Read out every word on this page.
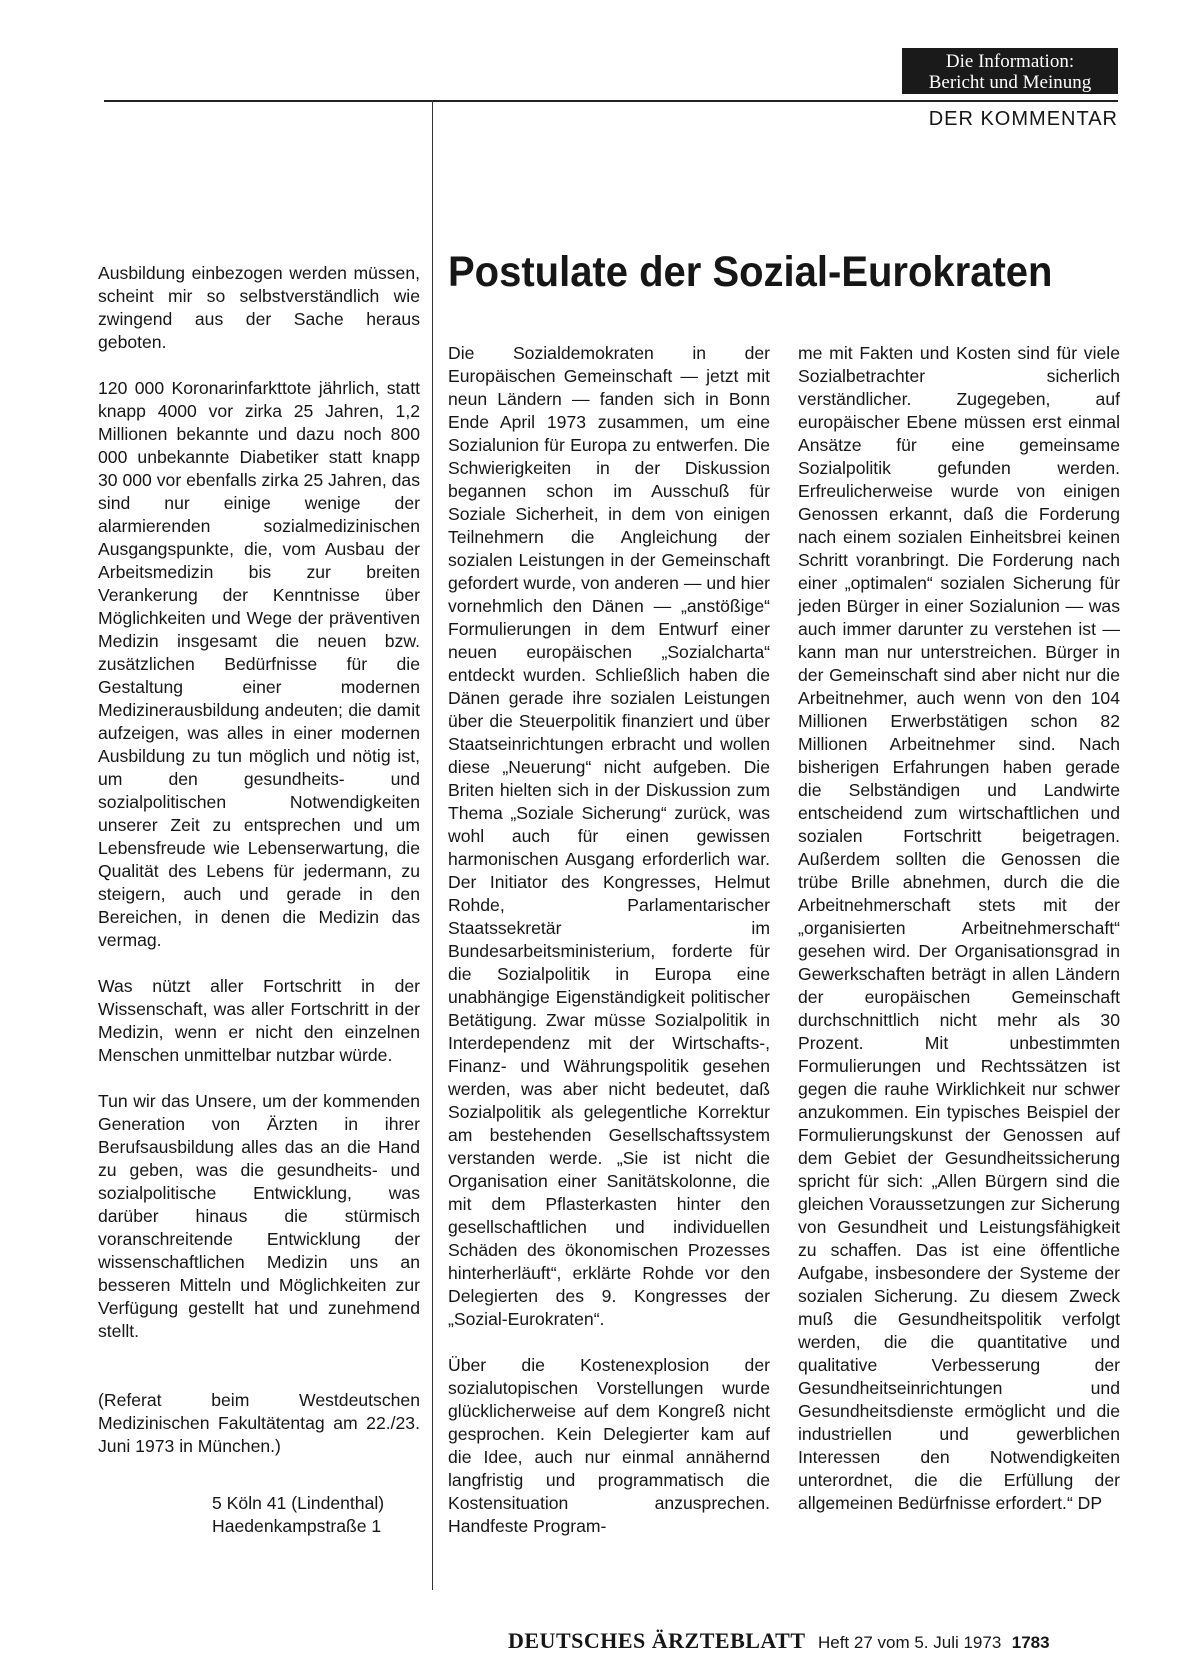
Die Information:
Bericht und Meinung
DER KOMMENTAR
Postulate der Sozial-Eurokraten

Ausbildung einbezogen werden müssen, scheint mir so selbstverständlich wie zwingend aus der Sache heraus geboten.

120 000 Koronarinfarkttote jährlich, statt knapp 4000 vor zirka 25 Jahren, 1,2 Millionen bekannte und dazu noch 800 000 unbekannte Diabetiker statt knapp 30 000 vor ebenfalls zirka 25 Jahren, das sind nur einige wenige der alarmierenden sozialmedizinischen Ausgangspunkte, die, vom Ausbau der Arbeitsmedizin bis zur breiten Verankerung der Kenntnisse über Möglichkeiten und Wege der präventiven Medizin insgesamt die neuen bzw. zusätzlichen Bedürfnisse für die Gestaltung einer modernen Medizinerausbildung andeuten; die damit aufzeigen, was alles in einer modernen Ausbildung zu tun möglich und nötig ist, um den gesundheits- und sozialpolitischen Notwendigkeiten unserer Zeit zu entsprechen und um Lebensfreude wie Lebenserwartung, die Qualität des Lebens für jedermann, zu steigern, auch und gerade in den Bereichen, in denen die Medizin das vermag.

Was nützt aller Fortschritt in der Wissenschaft, was aller Fortschritt in der Medizin, wenn er nicht den einzelnen Menschen unmittelbar nutzbar würde.

Tun wir das Unsere, um der kommenden Generation von Ärzten in ihrer Berufsausbildung alles das an die Hand zu geben, was die gesundheits- und sozialpolitische Entwicklung, was darüber hinaus die stürmisch voranschreitende Entwicklung der wissenschaftlichen Medizin uns an besseren Mitteln und Möglichkeiten zur Verfügung gestellt hat und zunehmend stellt.

(Referat beim Westdeutschen Medizinischen Fakultätentag am 22./23. Juni 1973 in München.)

5 Köln 41 (Lindenthal)
Haedenkampstraße 1

Die Sozialdemokraten in der Europäischen Gemeinschaft — jetzt mit neun Ländern — fanden sich in Bonn Ende April 1973 zusammen, um eine Sozialunion für Europa zu entwerfen. Die Schwierigkeiten in der Diskussion begannen schon im Ausschuß für Soziale Sicherheit, in dem von einigen Teilnehmern die Angleichung der sozialen Leistungen in der Gemeinschaft gefordert wurde, von anderen — und hier vornehmlich den Dänen — „anstößige“ Formulierungen in dem Entwurf einer neuen europäischen „Sozialcharta“ entdeckt wurden. Schließlich haben die Dänen gerade ihre sozialen Leistungen über die Steuerpolitik finanziert und über Staatseinrichtungen erbracht und wollen diese „Neuerung“ nicht aufgeben. Die Briten hielten sich in der Diskussion zum Thema „Soziale Sicherung“ zurück, was wohl auch für einen gewissen harmonischen Ausgang erforderlich war. Der Initiator des Kongresses, Helmut Rohde, Parlamentarischer Staatssekretär im Bundesarbeitsministerium, forderte für die Sozialpolitik in Europa eine unabhängige Eigenständigkeit politischer Betätigung. Zwar müsse Sozialpolitik in Interdependenz mit der Wirtschafts-, Finanz- und Währungspolitik gesehen werden, was aber nicht bedeutet, daß Sozialpolitik als gelegentliche Korrektur am bestehenden Gesellschaftssystem verstanden werde. „Sie ist nicht die Organisation einer Sanitätskolonne, die mit dem Pflasterkasten hinter den gesellschaftlichen und individuellen Schäden des ökonomischen Prozesses hinterherläuft“, erklärte Rohde vor den Delegierten des 9. Kongresses der „Sozial-Eurokraten“.

Über die Kostenexplosion der sozialutopischen Vorstellungen wurde glücklicherweise auf dem Kongreß nicht gesprochen. Kein Delegierter kam auf die Idee, auch nur einmal annähernd langfristig und programmatisch die Kostensituation anzusprechen. Handfeste Program-

me mit Fakten und Kosten sind für viele Sozialbetrachter sicherlich verständlicher. Zugegeben, auf europäischer Ebene müssen erst einmal Ansätze für eine gemeinsame Sozialpolitik gefunden werden. Erfreulicherweise wurde von einigen Genossen erkannt, daß die Forderung nach einem sozialen Einheitsbrei keinen Schritt voranbringt. Die Forderung nach einer „optimalen“ sozialen Sicherung für jeden Bürger in einer Sozialunion — was auch immer darunter zu verstehen ist — kann man nur unterstreichen. Bürger in der Gemeinschaft sind aber nicht nur die Arbeitnehmer, auch wenn von den 104 Millionen Erwerbstätigen schon 82 Millionen Arbeitnehmer sind. Nach bisherigen Erfahrungen haben gerade die Selbständigen und Landwirte entscheidend zum wirtschaftlichen und sozialen Fortschritt beigetragen. Außerdem sollten die Genossen die trübe Brille abnehmen, durch die die Arbeitnehmerschaft stets mit der „organisierten Arbeitnehmerschaft“ gesehen wird. Der Organisationsgrad in Gewerkschaften beträgt in allen Ländern der europäischen Gemeinschaft durchschnittlich nicht mehr als 30 Prozent. Mit unbestimmten Formulierungen und Rechtssätzen ist gegen die rauhe Wirklichkeit nur schwer anzukommen. Ein typisches Beispiel der Formulierungskunst der Genossen auf dem Gebiet der Gesundheitssicherung spricht für sich: „Allen Bürgern sind die gleichen Voraussetzungen zur Sicherung von Gesundheit und Leistungsfähigkeit zu schaffen. Das ist eine öffentliche Aufgabe, insbesondere der Systeme der sozialen Sicherung. Zu diesem Zweck muß die Gesundheitspolitik verfolgt werden, die die quantitative und qualitative Verbesserung der Gesundheitseinrichtungen und Gesundheitsdienste ermöglicht und die industriellen und gewerblichen Interessen den Notwendigkeiten unterordnet, die die Erfüllung der allgemeinen Bedürfnisse erfordert.“ DP

DEUTSCHES ÄRZTEBLATT Heft 27 vom 5. Juli 1973 1783
